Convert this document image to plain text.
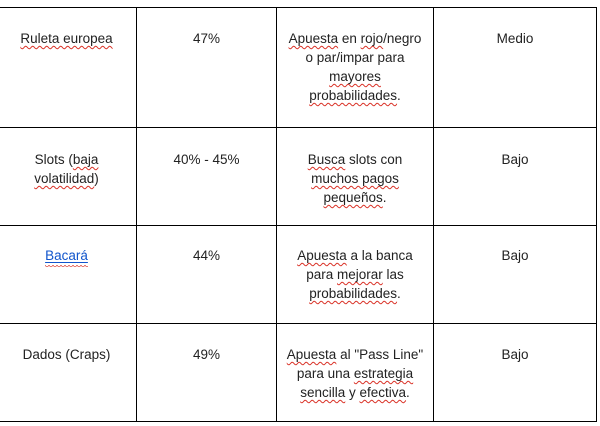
Ruleta europea	47%	Apuesta en rojo/negro o par/impar para mayores probabilidades.	Medio
Slots (baja volatilidad)	40% - 45%	Busca slots con muchos pagos pequeños.	Bajo
Bacará	44%	Apuesta a la banca para mejorar las probabilidades.	Bajo
Dados (Craps)	49%	Apuesta al "Pass Line" para una estrategia sencilla y efectiva.	Bajo
